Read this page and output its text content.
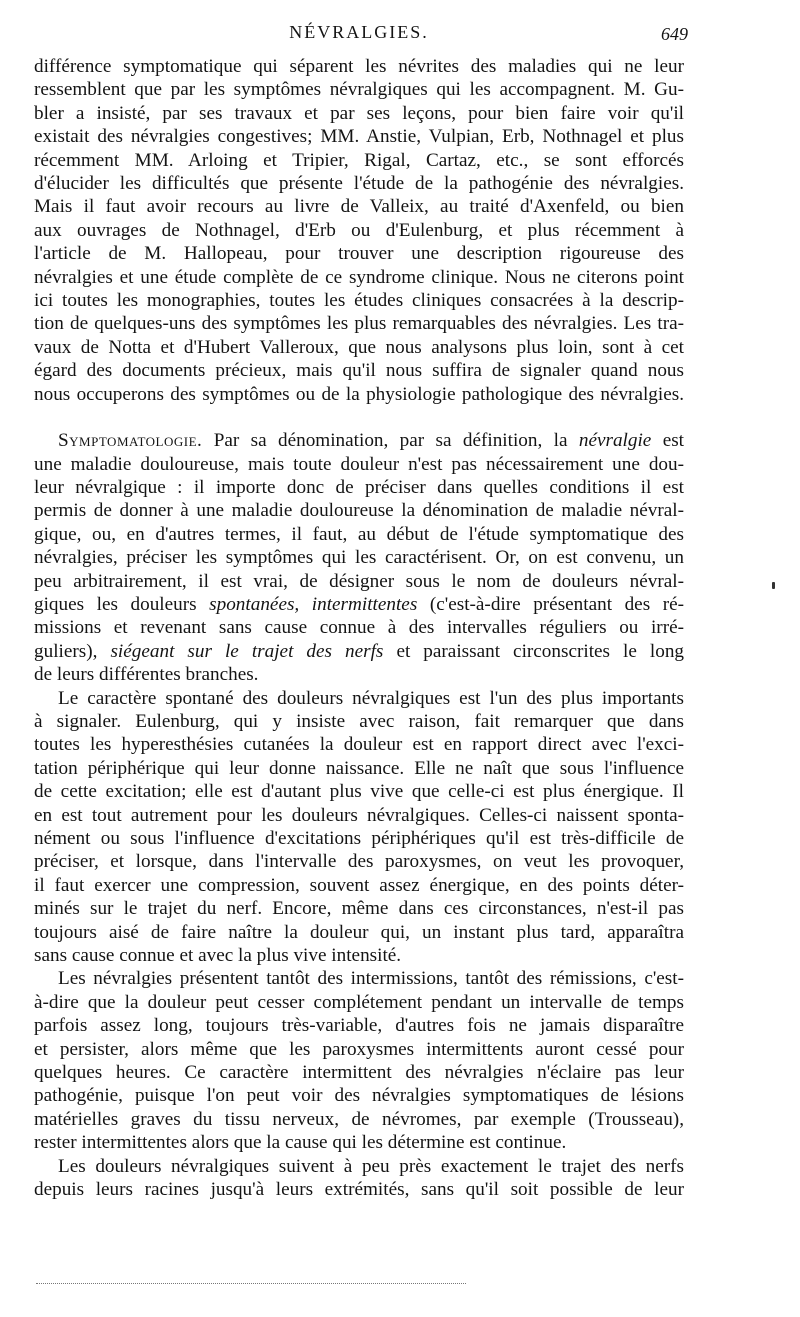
NÉVRALGIES.	649
différence symptomatique qui séparent les névrites des maladies qui ne leur
ressemblent que par les symptômes névralgiques qui les accompagnent. M. Gu-
bler a insisté, par ses travaux et par ses leçons, pour bien faire voir qu'il
existait des névralgies congestives; MM. Anstie, Vulpian, Erb, Nothnagel et plus
récemment MM. Arloing et Tripier, Rigal, Cartaz, etc., se sont efforcés
d'élucider les difficultés que présente l'étude de la pathogénie des névralgies.
Mais il faut avoir recours au livre de Valleix, au traité d'Axenfeld, ou bien
aux ouvrages de Nothnagel, d'Erb ou d'Eulenburg, et plus récemment à
l'article de M. Hallopeau, pour trouver une description rigoureuse des
névralgies et une étude complète de ce syndrome clinique. Nous ne citerons point
ici toutes les monographies, toutes les études cliniques consacrées à la descrip-
tion de quelques-uns des symptômes les plus remarquables des névralgies. Les tra-
vaux de Notta et d'Hubert Valleroux, que nous analysons plus loin, sont à cet
égard des documents précieux, mais qu'il nous suffira de signaler quand nous
nous occuperons des symptômes ou de la physiologie pathologique des névralgies.
Symptomatologie. Par sa dénomination, par sa définition, la névralgie est
une maladie douloureuse, mais toute douleur n'est pas nécessairement une dou-
leur névralgique : il importe donc de préciser dans quelles conditions il est
permis de donner à une maladie douloureuse la dénomination de maladie névral-
gique, ou, en d'autres termes, il faut, au début de l'étude symptomatique des
névralgies, préciser les symptômes qui les caractérisent. Or, on est convenu, un
peu arbitrairement, il est vrai, de désigner sous le nom de douleurs névral-
giques les douleurs spontanées, intermittentes (c'est-à-dire présentant des ré-
missions et revenant sans cause connue à des intervalles réguliers ou irré-
guliers), siégeant sur le trajet des nerfs et paraissant circonscrites le long
de leurs différentes branches.
Le caractère spontané des douleurs névralgiques est l'un des plus importants
à signaler. Eulenburg, qui y insiste avec raison, fait remarquer que dans
toutes les hyperesthésies cutanées la douleur est en rapport direct avec l'exci-
tation périphérique qui leur donne naissance. Elle ne naît que sous l'influence
de cette excitation; elle est d'autant plus vive que celle-ci est plus énergique. Il
en est tout autrement pour les douleurs névralgiques. Celles-ci naissent sponta-
nément ou sous l'influence d'excitations périphériques qu'il est très-difficile de
préciser, et lorsque, dans l'intervalle des paroxysmes, on veut les provoquer,
il faut exercer une compression, souvent assez énergique, en des points déter-
minés sur le trajet du nerf. Encore, même dans ces circonstances, n'est-il pas
toujours aisé de faire naître la douleur qui, un instant plus tard, apparaîtra
sans cause connue et avec la plus vive intensité.
Les névralgies présentent tantôt des intermissions, tantôt des rémissions, c'est-
à-dire que la douleur peut cesser complétement pendant un intervalle de temps
parfois assez long, toujours très-variable, d'autres fois ne jamais disparaître
et persister, alors même que les paroxysmes intermittents auront cessé pour
quelques heures. Ce caractère intermittent des névralgies n'éclaire pas leur
pathogénie, puisque l'on peut voir des névralgies symptomatiques de lésions
matérielles graves du tissu nerveux, de névromes, par exemple (Trousseau),
rester intermittentes alors que la cause qui les détermine est continue.
Les douleurs névralgiques suivent à peu près exactement le trajet des nerfs
depuis leurs racines jusqu'à leurs extrémités, sans qu'il soit possible de leur
